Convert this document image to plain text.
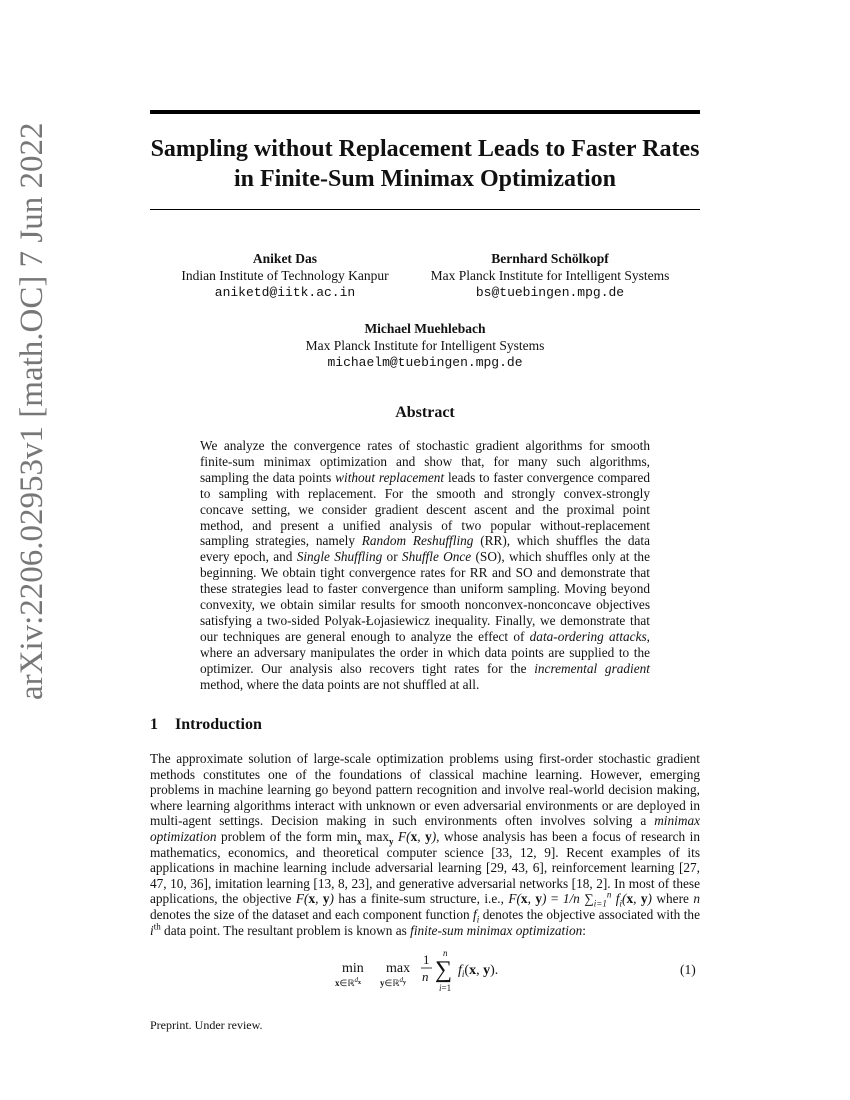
arXiv:2206.02953v1 [math.OC] 7 Jun 2022	Sampling without Replacement Leads to Faster Rates
in Finite-Sum Minimax Optimization
Aniket Das
Indian Institute of Technology Kanpur
aniketd@iitk.ac.in
Bernhard Schölkopf
Max Planck Institute for Intelligent Systems
bs@tuebingen.mpg.de
Michael Muehlebach
Max Planck Institute for Intelligent Systems
michaelm@tuebingen.mpg.de
Abstract
We analyze the convergence rates of stochastic gradient algorithms for smooth finite-sum minimax optimization and show that, for many such algorithms, sampling the data points without replacement leads to faster convergence compared to sampling with replacement. For the smooth and strongly convex-strongly concave setting, we consider gradient descent ascent and the proximal point method, and present a unified analysis of two popular without-replacement sampling strategies, namely Random Reshuffling (RR), which shuffles the data every epoch, and Single Shuffling or Shuffle Once (SO), which shuffles only at the beginning. We obtain tight convergence rates for RR and SO and demonstrate that these strategies lead to faster convergence than uniform sampling. Moving beyond convexity, we obtain similar results for smooth nonconvex-nonconcave objectives satisfying a two-sided Polyak-Łojasiewicz inequality. Finally, we demonstrate that our techniques are general enough to analyze the effect of data-ordering attacks, where an adversary manipulates the order in which data points are supplied to the optimizer. Our analysis also recovers tight rates for the incremental gradient method, where the data points are not shuffled at all.
1 Introduction
The approximate solution of large-scale optimization problems using first-order stochastic gradient methods constitutes one of the foundations of classical machine learning. However, emerging problems in machine learning go beyond pattern recognition and involve real-world decision making, where learning algorithms interact with unknown or even adversarial environments or are deployed in multi-agent settings. Decision making in such environments often involves solving a minimax optimization problem of the form $\min_x \max_y F(x$, y), whose analysis has been a focus of research in mathematics, economics, and theoretical computer science [33, 12, 9]. Recent examples of its applications in machine learning include adversarial learning [29, 43, 6], reinforcement learning [27, 47, 10, 36], imitation learning [13, 8, 23], and generative adversarial networks [18, 2]. In most of these applications, the objective F(x, y) has a finite-sum structure, i.e., F(x, y) = 1/n $\sum_{i=1}^n$ $f_i(x$, y) where n denotes the size of the dataset and each component function $f_i$ denotes the objective associated with the $i^{th}$ data point. The resultant problem is known as finite-sum minimax optimization:
min
x∈ℝ$^d_x$
max
y∈ℝ$^d_y$
1
n
n
∑
i=1
$f_i(x$, y).	(1)
Preprint. Under review.
